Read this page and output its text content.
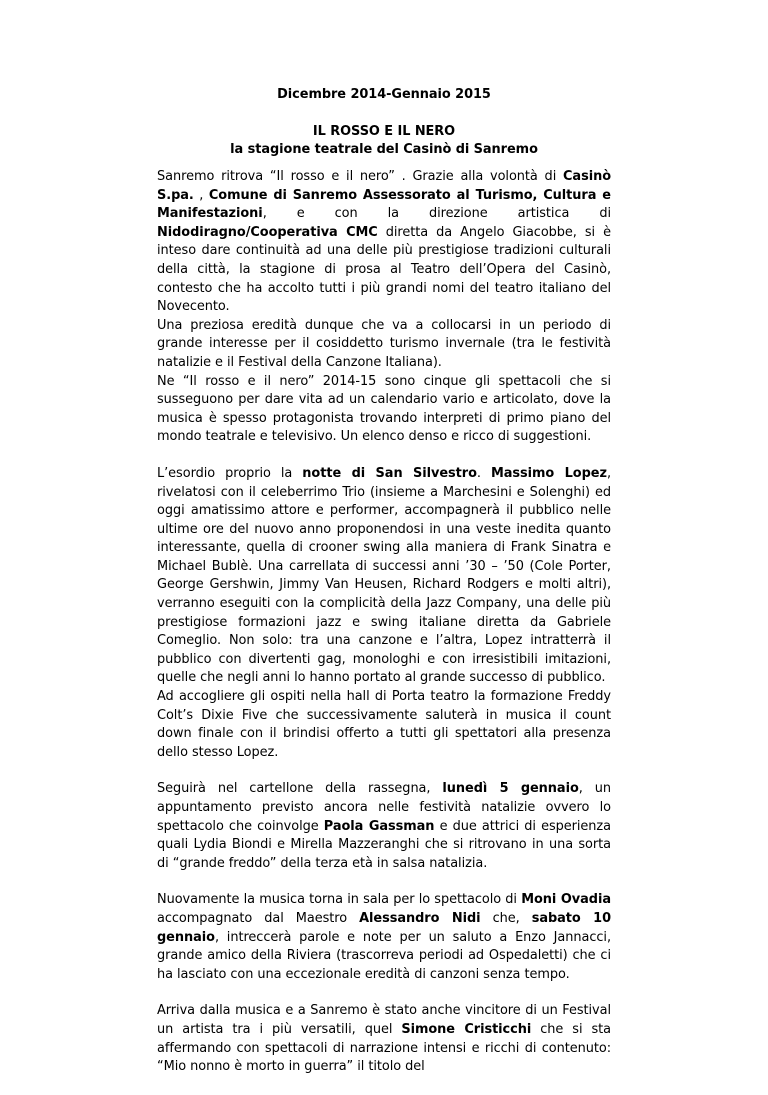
Dicembre 2014-Gennaio 2015

IL ROSSO E IL NERO

la stagione teatrale del Casinò di Sanremo

Sanremo ritrova “Il rosso e il nero” . Grazie alla volontà di Casinò S.pa. , Comune di Sanremo Assessorato al Turismo, Cultura e Manifestazioni, e con la direzione artistica di Nidodiragno/Cooperativa CMC diretta da Angelo Giacobbe, si è inteso dare continuità ad una delle più prestigiose tradizioni culturali della città, la stagione di prosa al Teatro dell’Opera del Casinò, contesto che ha accolto tutti i più grandi nomi del teatro italiano del Novecento.
Una preziosa eredità dunque che va a collocarsi in un periodo di grande interesse per il cosiddetto turismo invernale (tra le festività natalizie e il Festival della Canzone Italiana).
Ne “Il rosso e il nero” 2014-15 sono cinque gli spettacoli che si susseguono per dare vita ad un calendario vario e articolato, dove la musica è spesso protagonista trovando interpreti di primo piano del mondo teatrale e televisivo. Un elenco denso e ricco di suggestioni.

L’esordio proprio la notte di San Silvestro. Massimo Lopez, rivelatosi con il celeberrimo Trio (insieme a Marchesini e Solenghi) ed oggi amatissimo attore e performer, accompagnerà il pubblico nelle ultime ore del nuovo anno proponendosi in una veste inedita quanto interessante, quella di crooner swing alla maniera di Frank Sinatra e Michael Bublè. Una carrellata di successi anni ’30 – ’50 (Cole Porter, George Gershwin, Jimmy Van Heusen, Richard Rodgers e molti altri), verranno eseguiti con la complicità della Jazz Company, una delle più prestigiose formazioni jazz e swing italiane diretta da Gabriele Comeglio. Non solo: tra una canzone e l’altra, Lopez intratterrà il pubblico con divertenti gag, monologhi e con irresistibili imitazioni, quelle che negli anni lo hanno portato al grande successo di pubblico.
Ad accogliere gli ospiti nella hall di Porta teatro la formazione Freddy Colt’s Dixie Five che successivamente saluterà in musica il count down finale con il brindisi offerto a tutti gli spettatori alla presenza dello stesso Lopez.

Seguirà nel cartellone della rassegna, lunedì 5 gennaio, un appuntamento previsto ancora nelle festività natalizie ovvero lo spettacolo che coinvolge Paola Gassman e due attrici di esperienza quali Lydia Biondi e Mirella Mazzeranghi che si ritrovano in una sorta di “grande freddo” della terza età in salsa natalizia.

Nuovamente la musica torna in sala per lo spettacolo di Moni Ovadia accompagnato dal Maestro Alessandro Nidi che, sabato 10 gennaio, intreccerà parole e note per un saluto a Enzo Jannacci, grande amico della Riviera (trascorreva periodi ad Ospedaletti) che ci ha lasciato con una eccezionale eredità di canzoni senza tempo.

Arriva dalla musica e a Sanremo è stato anche vincitore di un Festival un artista tra i più versatili, quel Simone Cristicchi che si sta affermando con spettacoli di narrazione intensi e ricchi di contenuto: “Mio nonno è morto in guerra” il titolo del
